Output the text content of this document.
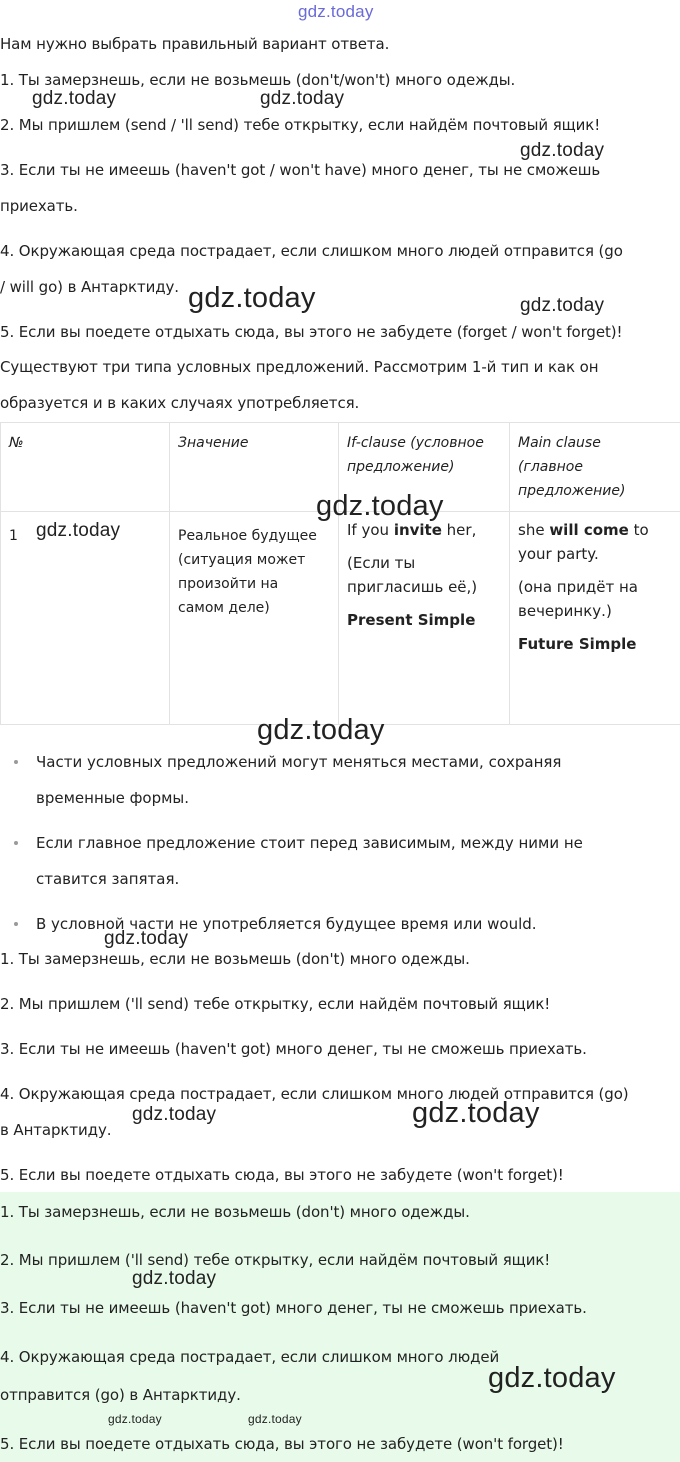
gdz.today

Нам нужно выбрать правильный вариант ответа.

1. Ты замерзнешь, если не возьмешь (don't/won't) много одежды.

2. Мы пришлем (send / 'll send) тебе открытку, если найдём почтовый ящик!

3. Если ты не имеешь (haven't got / won't have) много денег, ты не сможешь

приехать.

4. Окружающая среда пострадает, если слишком много людей отправится (go

/ will go) в Антарктиду.

5. Если вы поедете отдыхать сюда, вы этого не забудете (forget / won't forget)!

Существуют три типа условных предложений. Рассмотрим 1-й тип и как он

образуется и в каких случаях употребляется.

№	Значение	If-clause (условное
предложение)	Main clause
(главное
предложение)

1	Реальное будущее
(ситуация может
произойти на
самом деле)	If you invite her,
(Если ты
пригласишь её,)
Present Simple	she will come to
your party.
(она придёт на
вечеринку.)
Future Simple
Части условных предложений могут меняться местами, сохраняя
временные формы.
Если главное предложение стоит перед зависимым, между ними не
ставится запятая.
В условной части не употребляется будущее время или would.

1. Ты замерзнешь, если не возьмешь (don't) много одежды.

2. Мы пришлем ('ll send) тебе открытку, если найдём почтовый ящик!

3. Если ты не имеешь (haven't got) много денег, ты не сможешь приехать.

4. Окружающая среда пострадает, если слишком много людей отправится (go)

в Антарктиду.

5. Если вы поедете отдыхать сюда, вы этого не забудете (won't forget)!

1. Ты замерзнешь, если не возьмешь (don't) много одежды.

2. Мы пришлем ('ll send) тебе открытку, если найдём почтовый ящик!

3. Если ты не имеешь (haven't got) много денег, ты не сможешь приехать.

4. Окружающая среда пострадает, если слишком много людей

отправится (go) в Антарктиду.

5. Если вы поедете отдыхать сюда, вы этого не забудете (won't forget)!

gdz.today	gdz.today
gdz.today
gdz.today	gdz.today
gdz.today
gdz.today
gdz.today
gdz.today
gdz.today	gdz.today
gdz.today
gdz.today
gdz.today	gdz.today
